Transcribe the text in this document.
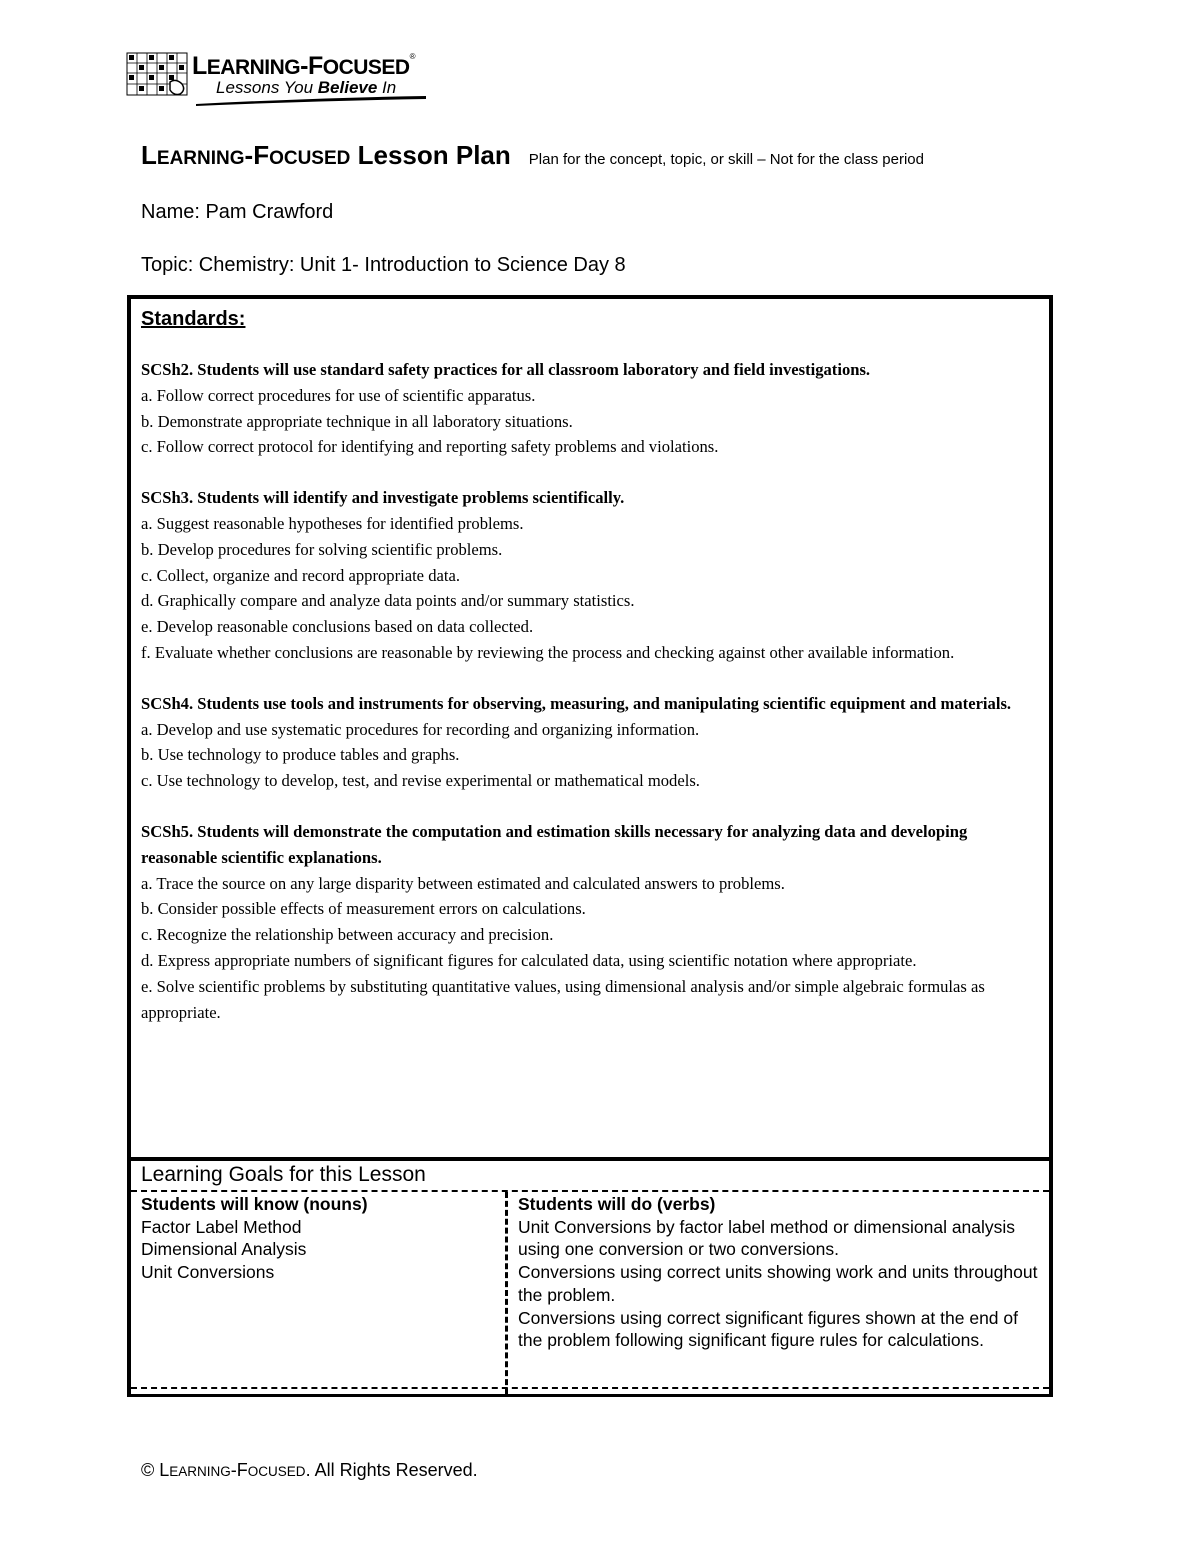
LEARNING-FOCUSED®
Lessons You Believe In
LEARNING-FOCUSED Lesson Plan Plan for the concept, topic, or skill – Not for the class period
Name: Pam Crawford
Topic: Chemistry: Unit 1- Introduction to Science Day 8
Standards:
SCSh2. Students will use standard safety practices for all classroom laboratory and field investigations.
a. Follow correct procedures for use of scientific apparatus.
b. Demonstrate appropriate technique in all laboratory situations.
c. Follow correct protocol for identifying and reporting safety problems and violations.
SCSh3. Students will identify and investigate problems scientifically.
a. Suggest reasonable hypotheses for identified problems.
b. Develop procedures for solving scientific problems.
c. Collect, organize and record appropriate data.
d. Graphically compare and analyze data points and/or summary statistics.
e. Develop reasonable conclusions based on data collected.
f. Evaluate whether conclusions are reasonable by reviewing the process and checking against other available information.
SCSh4. Students use tools and instruments for observing, measuring, and manipulating scientific equipment and materials.
a. Develop and use systematic procedures for recording and organizing information.
b. Use technology to produce tables and graphs.
c. Use technology to develop, test, and revise experimental or mathematical models.
SCSh5. Students will demonstrate the computation and estimation skills necessary for analyzing data and developing reasonable scientific explanations.
a. Trace the source on any large disparity between estimated and calculated answers to problems.
b. Consider possible effects of measurement errors on calculations.
c. Recognize the relationship between accuracy and precision.
d. Express appropriate numbers of significant figures for calculated data, using scientific notation where appropriate.
e. Solve scientific problems by substituting quantitative values, using dimensional analysis and/or simple algebraic formulas as appropriate.
Learning Goals for this Lesson
Students will know (nouns)
Factor Label Method
Dimensional Analysis
Unit Conversions
Students will do (verbs)
Unit Conversions by factor label method or dimensional analysis using one conversion or two conversions.
Conversions using correct units showing work and units throughout the problem.
Conversions using correct significant figures shown at the end of the problem following significant figure rules for calculations.
© LEARNING-FOCUSED. All Rights Reserved.
